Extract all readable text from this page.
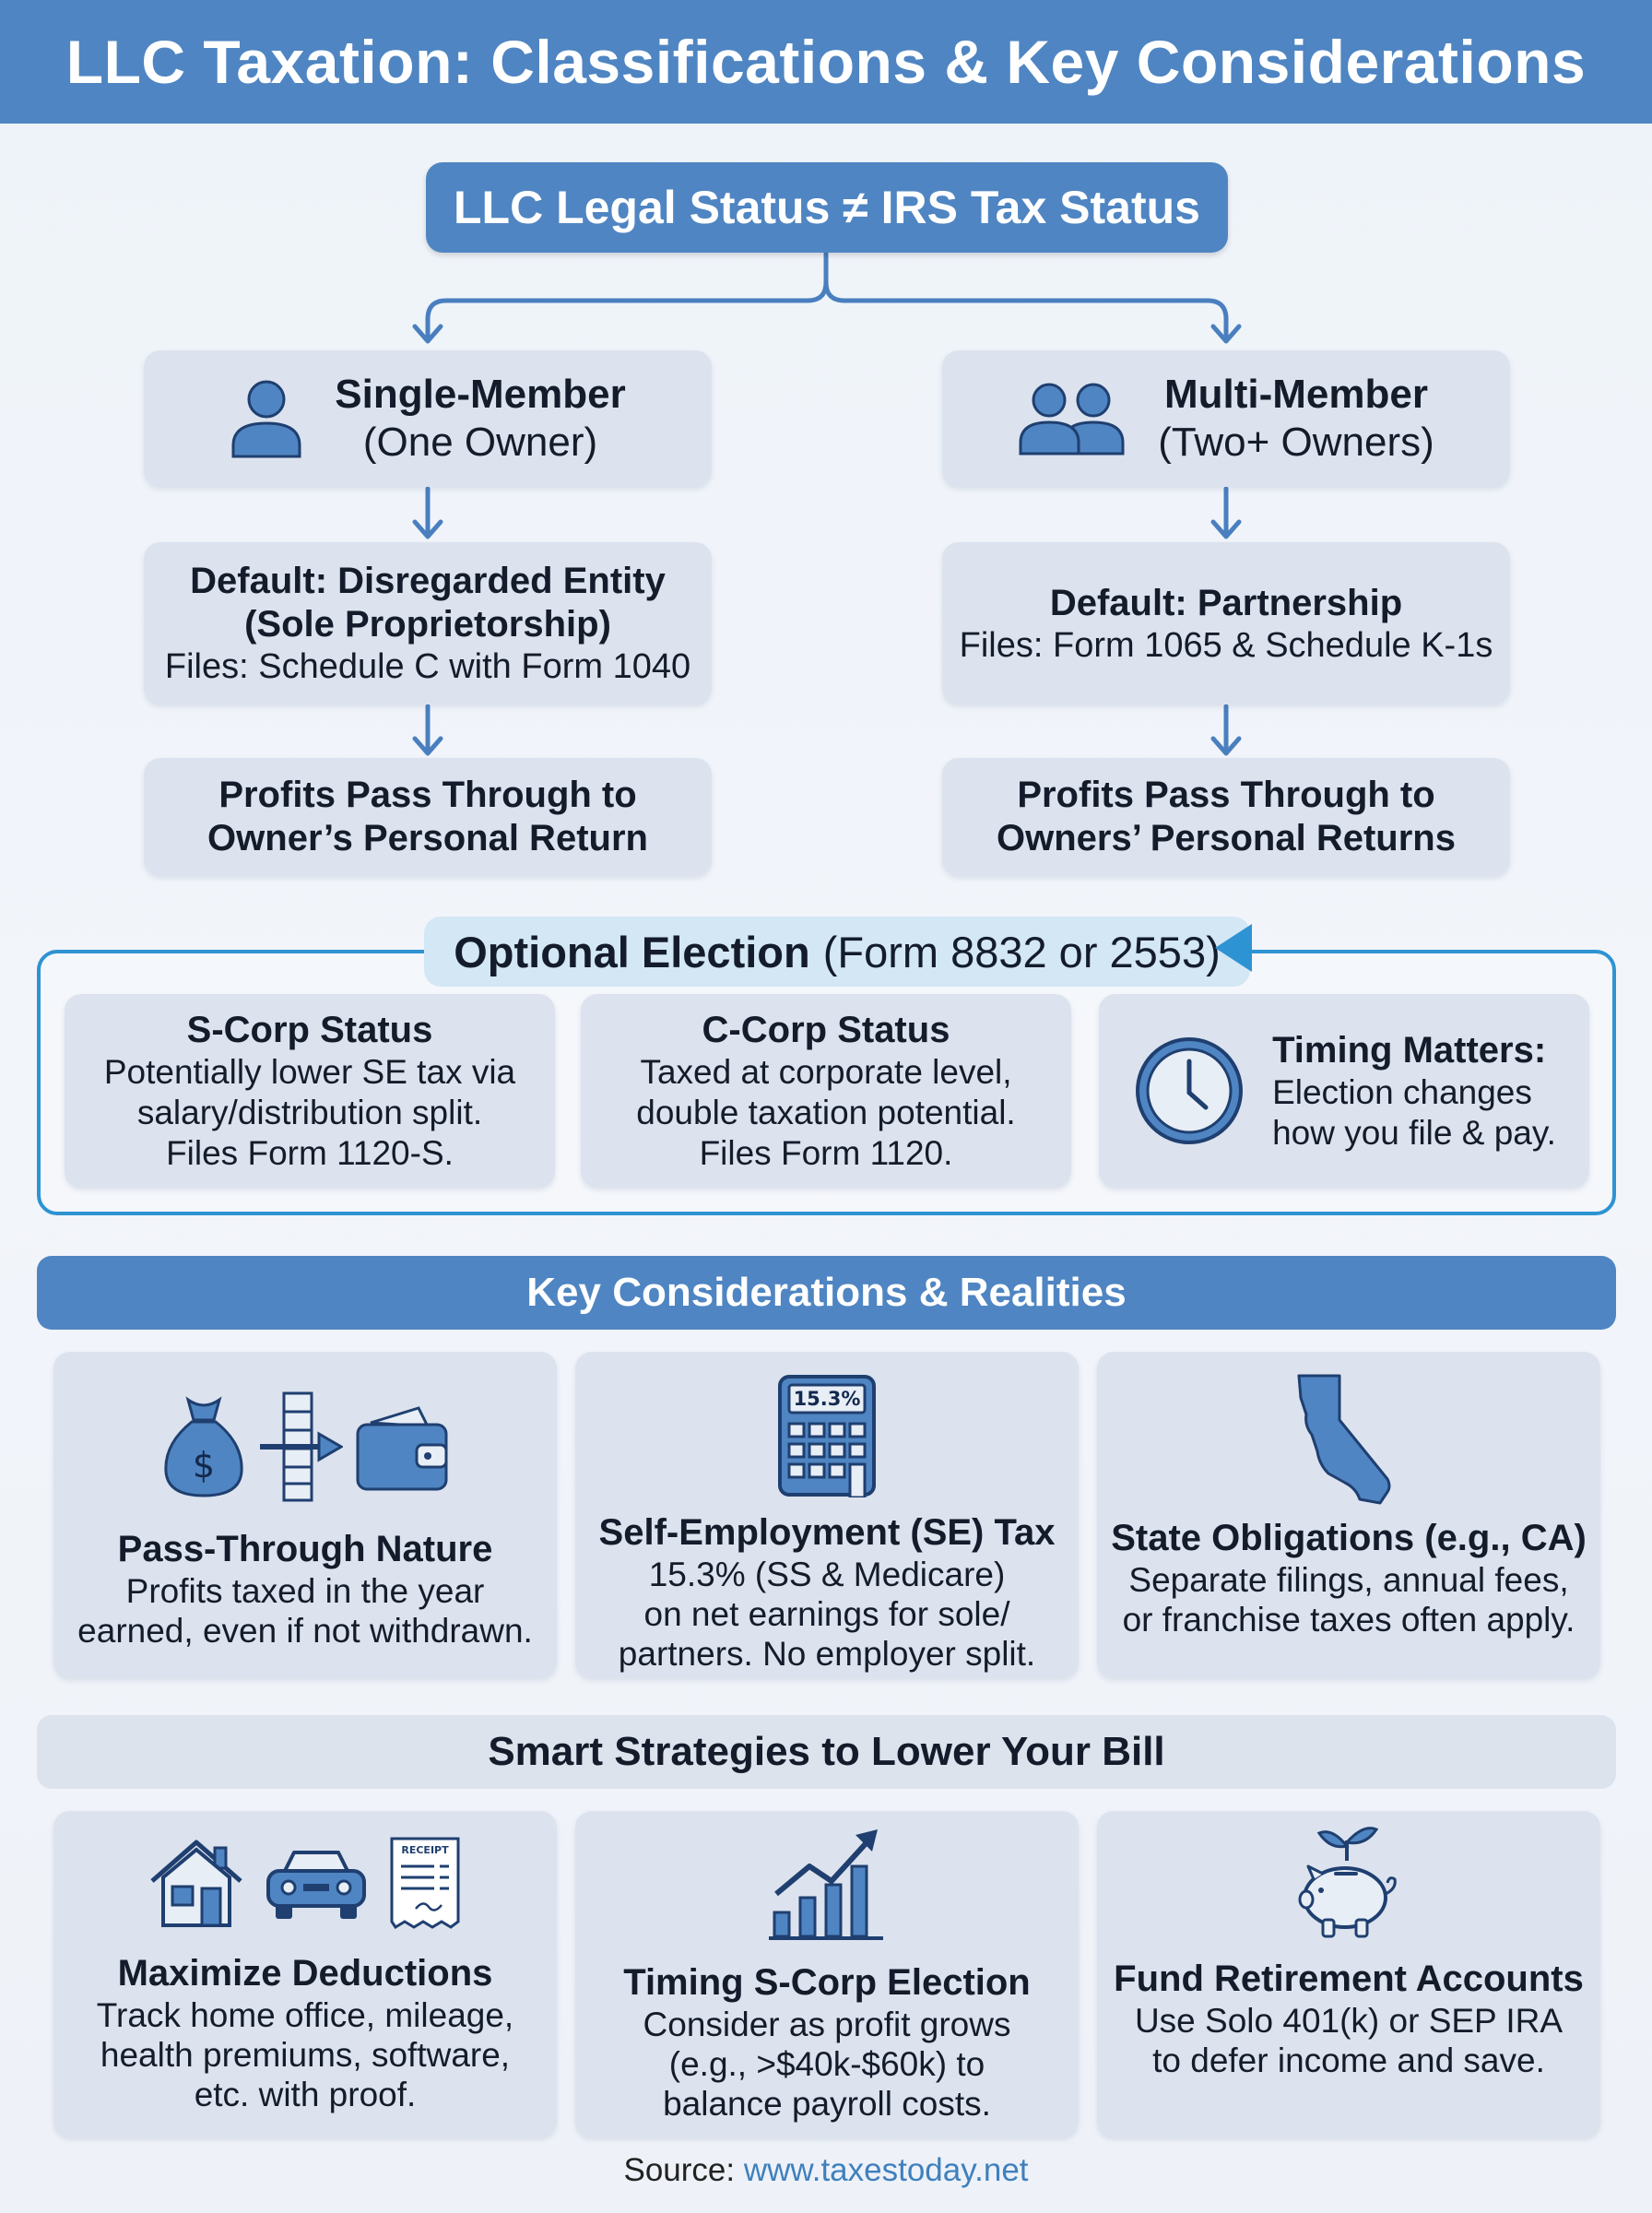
LLC Taxation: Classifications & Key Considerations
LLC Legal Status ≠ IRS Tax Status
Single-Member
(One Owner)
Default: Disregarded Entity
(Sole Proprietorship)
Files: Schedule C with Form 1040
Profits Pass Through to
Owner’s Personal Return
Multi-Member
(Two+ Owners)
Default: Partnership
Files: Form 1065 & Schedule K-1s
Profits Pass Through to
Owners’ Personal Returns
Optional Election (Form 8832 or 2553)
S-Corp Status
Potentially lower SE tax via
salary/distribution split.
Files Form 1120-S.
C-Corp Status
Taxed at corporate level,
double taxation potential.
Files Form 1120.
Timing Matters:
Election changes
how you file & pay.
Key Considerations & Realities
$
Pass-Through Nature
Profits taxed in the year
earned, even if not withdrawn.
15.3%
Self-Employment (SE) Tax
15.3% (SS & Medicare)
on net earnings for sole/
partners. No employer split.
State Obligations (e.g., CA)
Separate filings, annual fees,
or franchise taxes often apply.
Smart Strategies to Lower Your Bill
RECEIPT
Maximize Deductions
Track home office, mileage,
health premiums, software,
etc. with proof.
Timing S-Corp Election
Consider as profit grows
(e.g., >$40k-$60k) to
balance payroll costs.
Fund Retirement Accounts
Use Solo 401(k) or SEP IRA
to defer income and save.
Source: www.taxestoday.net
